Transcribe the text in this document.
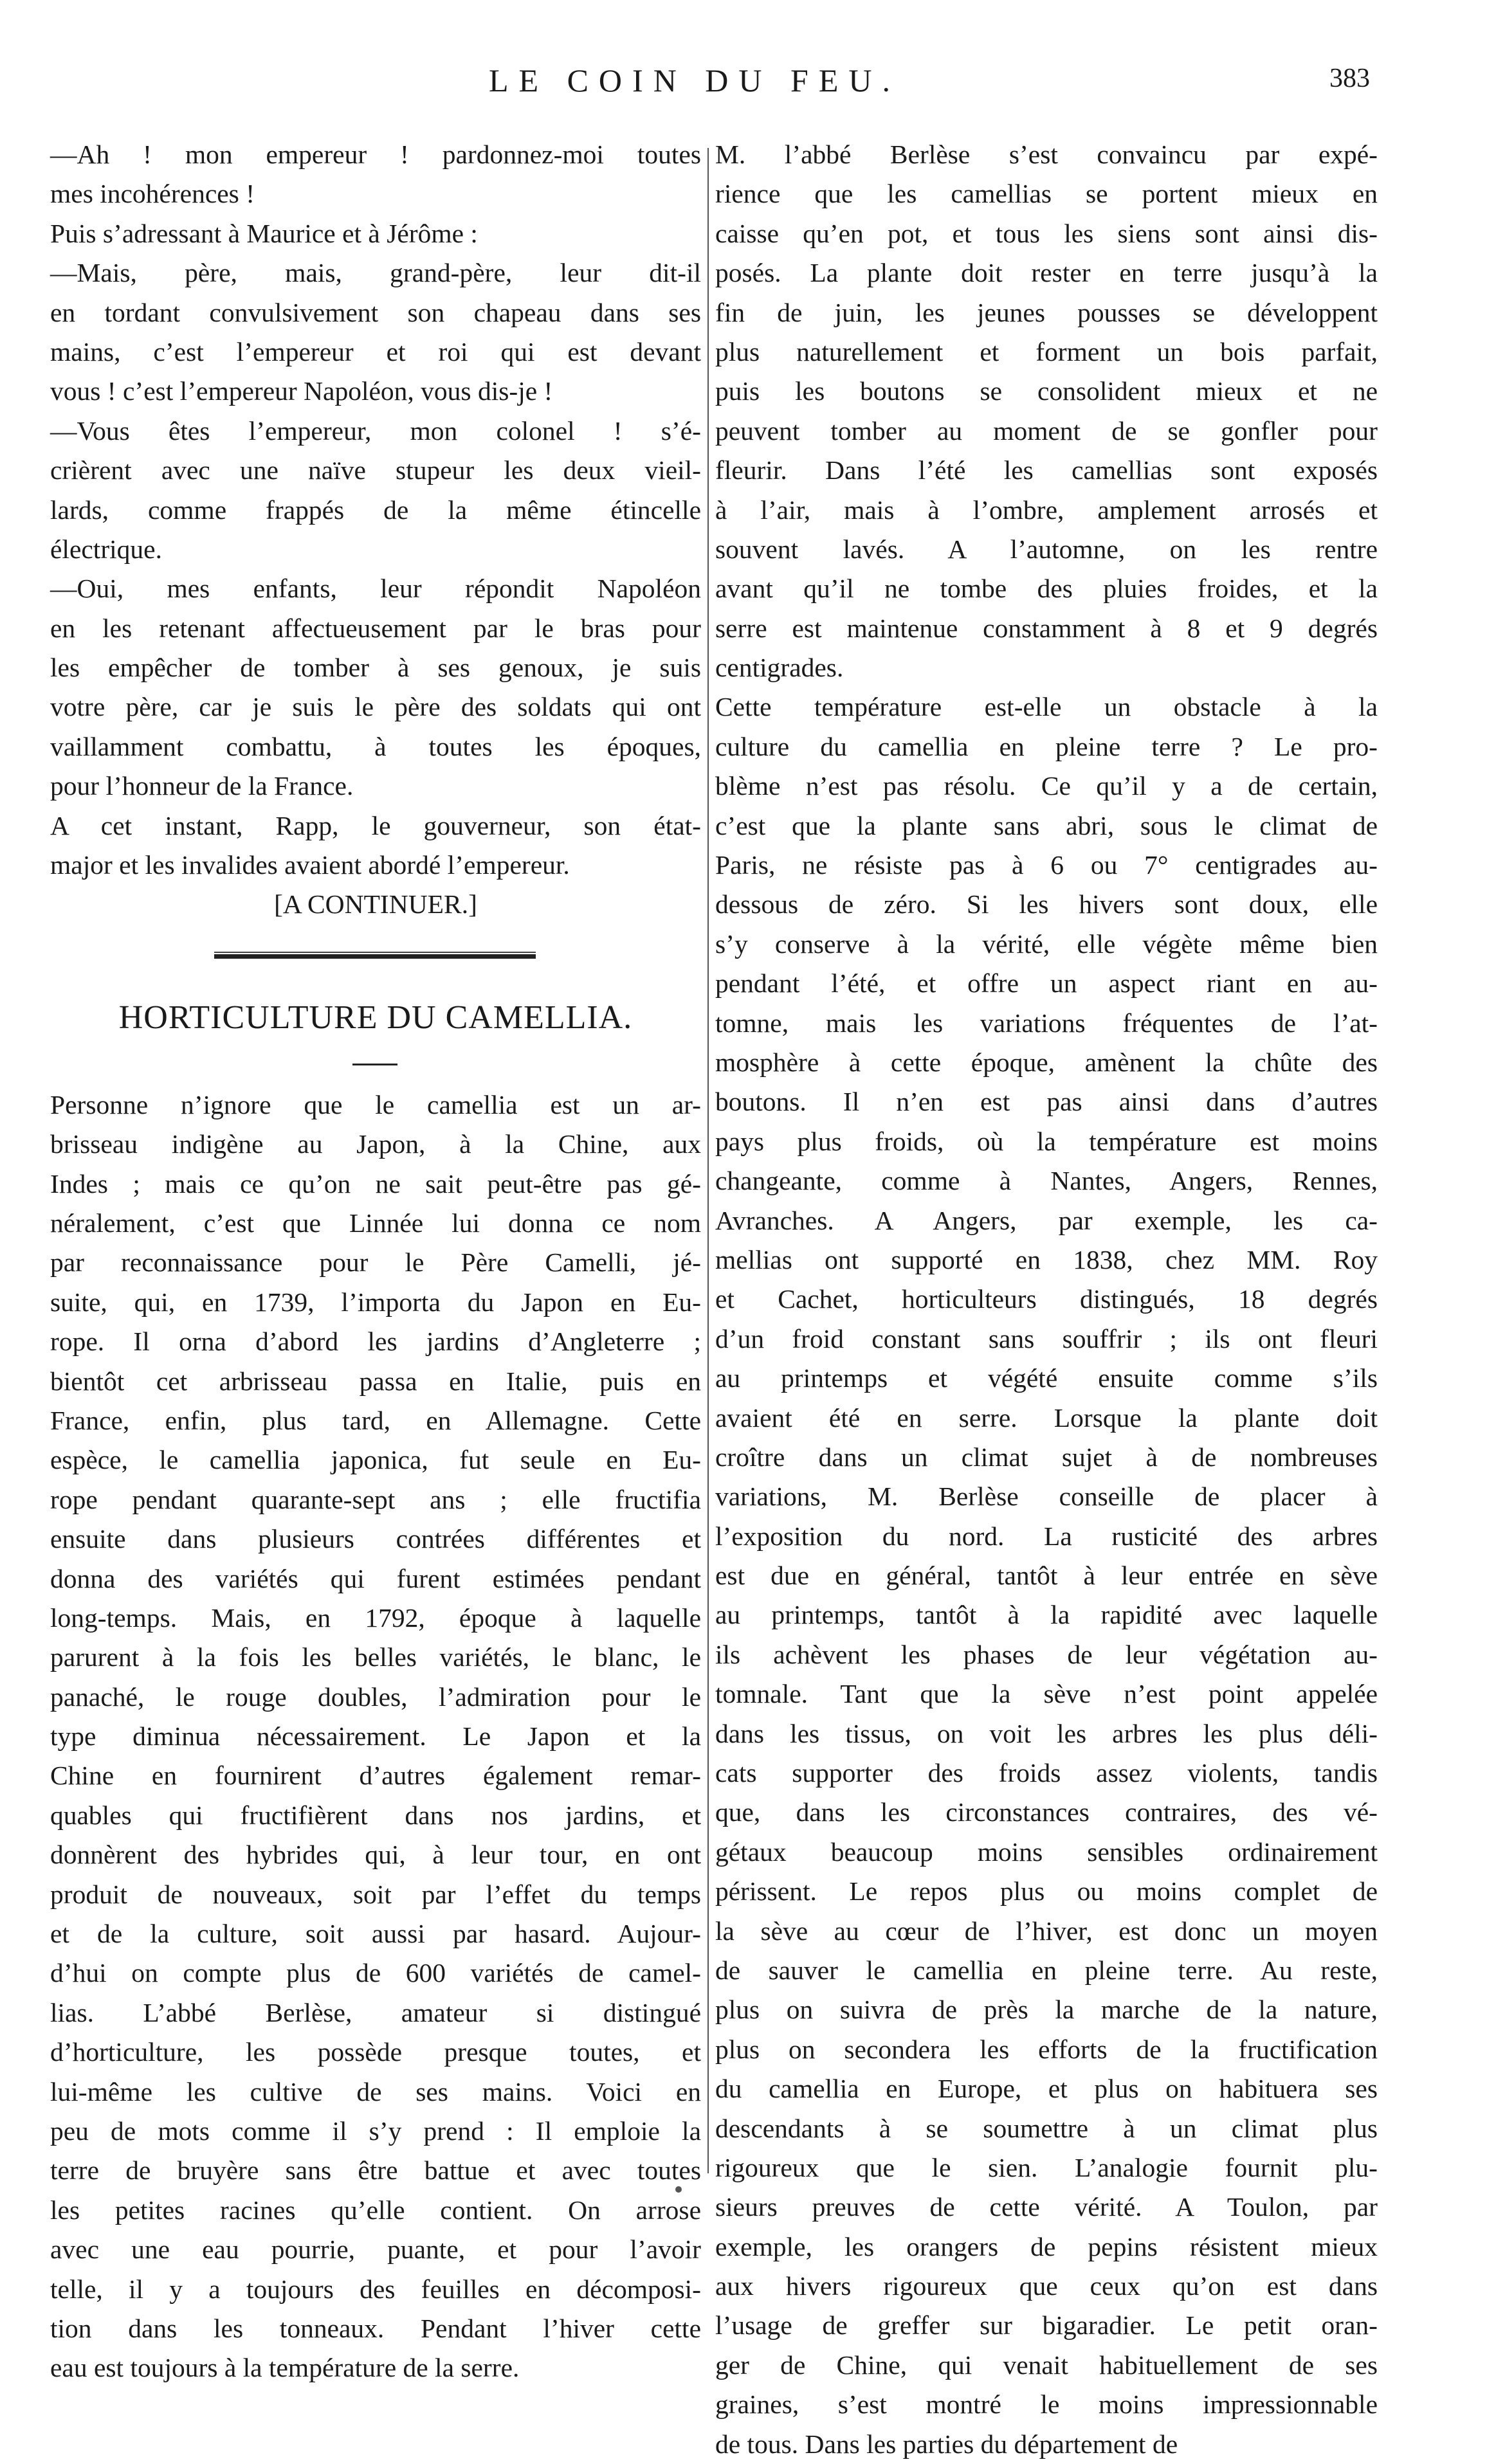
LE COIN DU FEU.	383
—Ah ! mon empereur ! pardonnez-moi toutes
mes incohérences !
Puis s’adressant à Maurice et à Jérôme :
—Mais, père, mais, grand-père, leur dit-il
en tordant convulsivement son chapeau dans ses
mains, c’est l’empereur et roi qui est devant
vous ! c’est l’empereur Napoléon, vous dis-je !
—Vous êtes l’empereur, mon colonel ! s’é-
crièrent avec une naïve stupeur les deux vieil-
lards, comme frappés de la même étincelle
électrique.
—Oui, mes enfants, leur répondit Napoléon
en les retenant affectueusement par le bras pour
les empêcher de tomber à ses genoux, je suis
votre père, car je suis le père des soldats qui ont
vaillamment combattu, à toutes les époques,
pour l’honneur de la France.
A cet instant, Rapp, le gouverneur, son état-
major et les invalides avaient abordé l’empereur.
[A CONTINUER.]
HORTICULTURE DU CAMELLIA.
Personne n’ignore que le camellia est un ar-
brisseau indigène au Japon, à la Chine, aux
Indes ; mais ce qu’on ne sait peut-être pas gé-
néralement, c’est que Linnée lui donna ce nom
par reconnaissance pour le Père Camelli, jé-
suite, qui, en 1739, l’importa du Japon en Eu-
rope. Il orna d’abord les jardins d’Angleterre ;
bientôt cet arbrisseau passa en Italie, puis en
France, enfin, plus tard, en Allemagne. Cette
espèce, le camellia japonica, fut seule en Eu-
rope pendant quarante-sept ans ; elle fructifia
ensuite dans plusieurs contrées différentes et
donna des variétés qui furent estimées pendant
long-temps. Mais, en 1792, époque à laquelle
parurent à la fois les belles variétés, le blanc, le
panaché, le rouge doubles, l’admiration pour le
type diminua nécessairement. Le Japon et la
Chine en fournirent d’autres également remar-
quables qui fructifièrent dans nos jardins, et
donnèrent des hybrides qui, à leur tour, en ont
produit de nouveaux, soit par l’effet du temps
et de la culture, soit aussi par hasard. Aujour-
d’hui on compte plus de 600 variétés de camel-
lias. L’abbé Berlèse, amateur si distingué
d’horticulture, les possède presque toutes, et
lui-même les cultive de ses mains. Voici en
peu de mots comme il s’y prend : Il emploie la
terre de bruyère sans être battue et avec toutes
les petites racines qu’elle contient. On arrose
avec une eau pourrie, puante, et pour l’avoir
telle, il y a toujours des feuilles en décomposi-
tion dans les tonneaux. Pendant l’hiver cette
eau est toujours à la température de la serre.
M. l’abbé Berlèse s’est convaincu par expé-
rience que les camellias se portent mieux en
caisse qu’en pot, et tous les siens sont ainsi dis-
posés. La plante doit rester en terre jusqu’à la
fin de juin, les jeunes pousses se développent
plus naturellement et forment un bois parfait,
puis les boutons se consolident mieux et ne
peuvent tomber au moment de se gonfler pour
fleurir. Dans l’été les camellias sont exposés
à l’air, mais à l’ombre, amplement arrosés et
souvent lavés. A l’automne, on les rentre
avant qu’il ne tombe des pluies froides, et la
serre est maintenue constamment à 8 et 9 degrés
centigrades.
Cette température est-elle un obstacle à la
culture du camellia en pleine terre ? Le pro-
blème n’est pas résolu. Ce qu’il y a de certain,
c’est que la plante sans abri, sous le climat de
Paris, ne résiste pas à 6 ou 7° centigrades au-
dessous de zéro. Si les hivers sont doux, elle
s’y conserve à la vérité, elle végète même bien
pendant l’été, et offre un aspect riant en au-
tomne, mais les variations fréquentes de l’at-
mosphère à cette époque, amènent la chûte des
boutons. Il n’en est pas ainsi dans d’autres
pays plus froids, où la température est moins
changeante, comme à Nantes, Angers, Rennes,
Avranches. A Angers, par exemple, les ca-
mellias ont supporté en 1838, chez MM. Roy
et Cachet, horticulteurs distingués, 18 degrés
d’un froid constant sans souffrir ; ils ont fleuri
au printemps et végété ensuite comme s’ils
avaient été en serre. Lorsque la plante doit
croître dans un climat sujet à de nombreuses
variations, M. Berlèse conseille de placer à
l’exposition du nord. La rusticité des arbres
est due en général, tantôt à leur entrée en sève
au printemps, tantôt à la rapidité avec laquelle
ils achèvent les phases de leur végétation au-
tomnale. Tant que la sève n’est point appelée
dans les tissus, on voit les arbres les plus déli-
cats supporter des froids assez violents, tandis
que, dans les circonstances contraires, des vé-
gétaux beaucoup moins sensibles ordinairement
périssent. Le repos plus ou moins complet de
la sève au cœur de l’hiver, est donc un moyen
de sauver le camellia en pleine terre. Au reste,
plus on suivra de près la marche de la nature,
plus on secondera les efforts de la fructification
du camellia en Europe, et plus on habituera ses
descendants à se soumettre à un climat plus
rigoureux que le sien. L’analogie fournit plu-
sieurs preuves de cette vérité. A Toulon, par
exemple, les orangers de pepins résistent mieux
aux hivers rigoureux que ceux qu’on est dans
l’usage de greffer sur bigaradier. Le petit oran-
ger de Chine, qui venait habituellement de ses
graines, s’est montré le moins impressionnable
de tous. Dans les parties du département de
